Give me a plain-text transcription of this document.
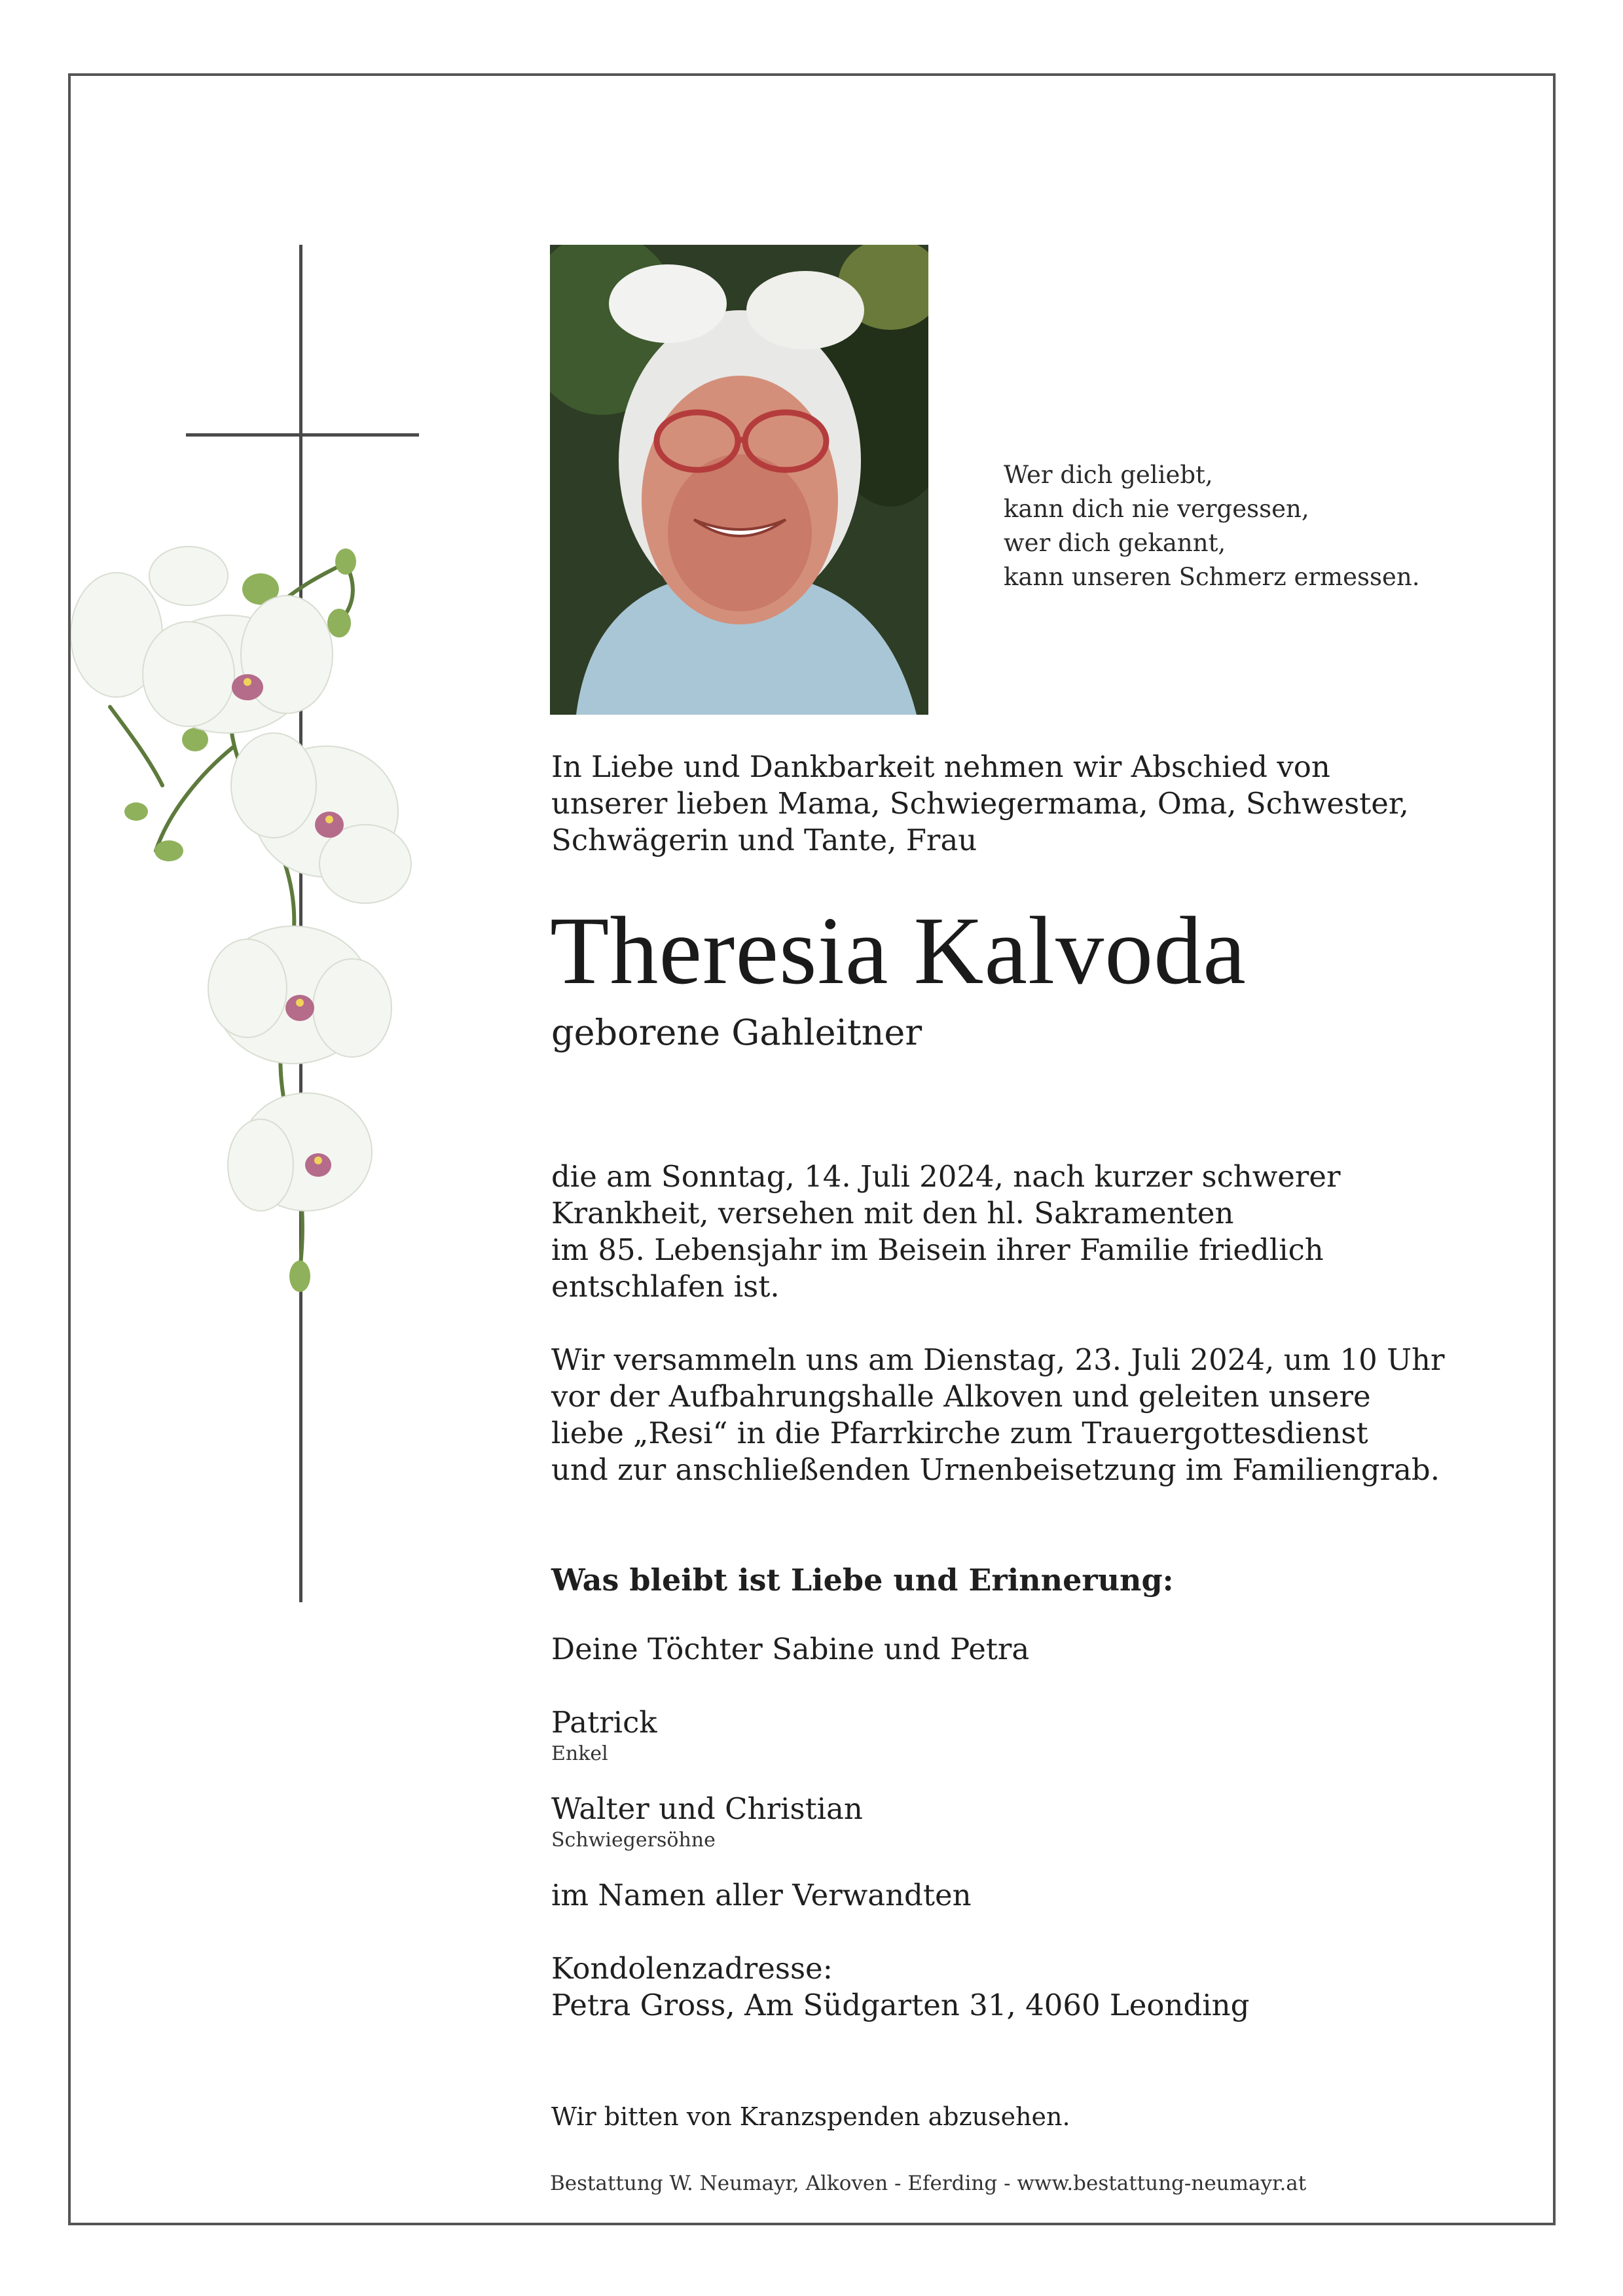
Wer dich geliebt,
kann dich nie vergessen,
wer dich gekannt,
kann unseren Schmerz ermessen.
In Liebe und Dankbarkeit nehmen wir Abschied von
unserer lieben Mama, Schwiegermama, Oma, Schwester,
Schwägerin und Tante, Frau
Theresia Kalvoda
geborene Gahleitner
die am Sonntag, 14. Juli 2024, nach kurzer schwerer
Krankheit, versehen mit den hl. Sakramenten
im 85. Lebensjahr im Beisein ihrer Familie friedlich
entschlafen ist.
Wir versammeln uns am Dienstag, 23. Juli 2024, um 10 Uhr
vor der Aufbahrungshalle Alkoven und geleiten unsere
liebe „Resi“ in die Pfarrkirche zum Trauergottesdienst
und zur anschließenden Urnenbeisetzung im Familiengrab.
Was bleibt ist Liebe und Erinnerung:
Deine Töchter Sabine und Petra
Patrick
Enkel
Walter und Christian
Schwiegersöhne
im Namen aller Verwandten
Kondolenzadresse:
Petra Gross, Am Südgarten 31, 4060 Leonding
Wir bitten von Kranzspenden abzusehen.
Bestattung W. Neumayr, Alkoven - Eferding - www.bestattung-neumayr.at
